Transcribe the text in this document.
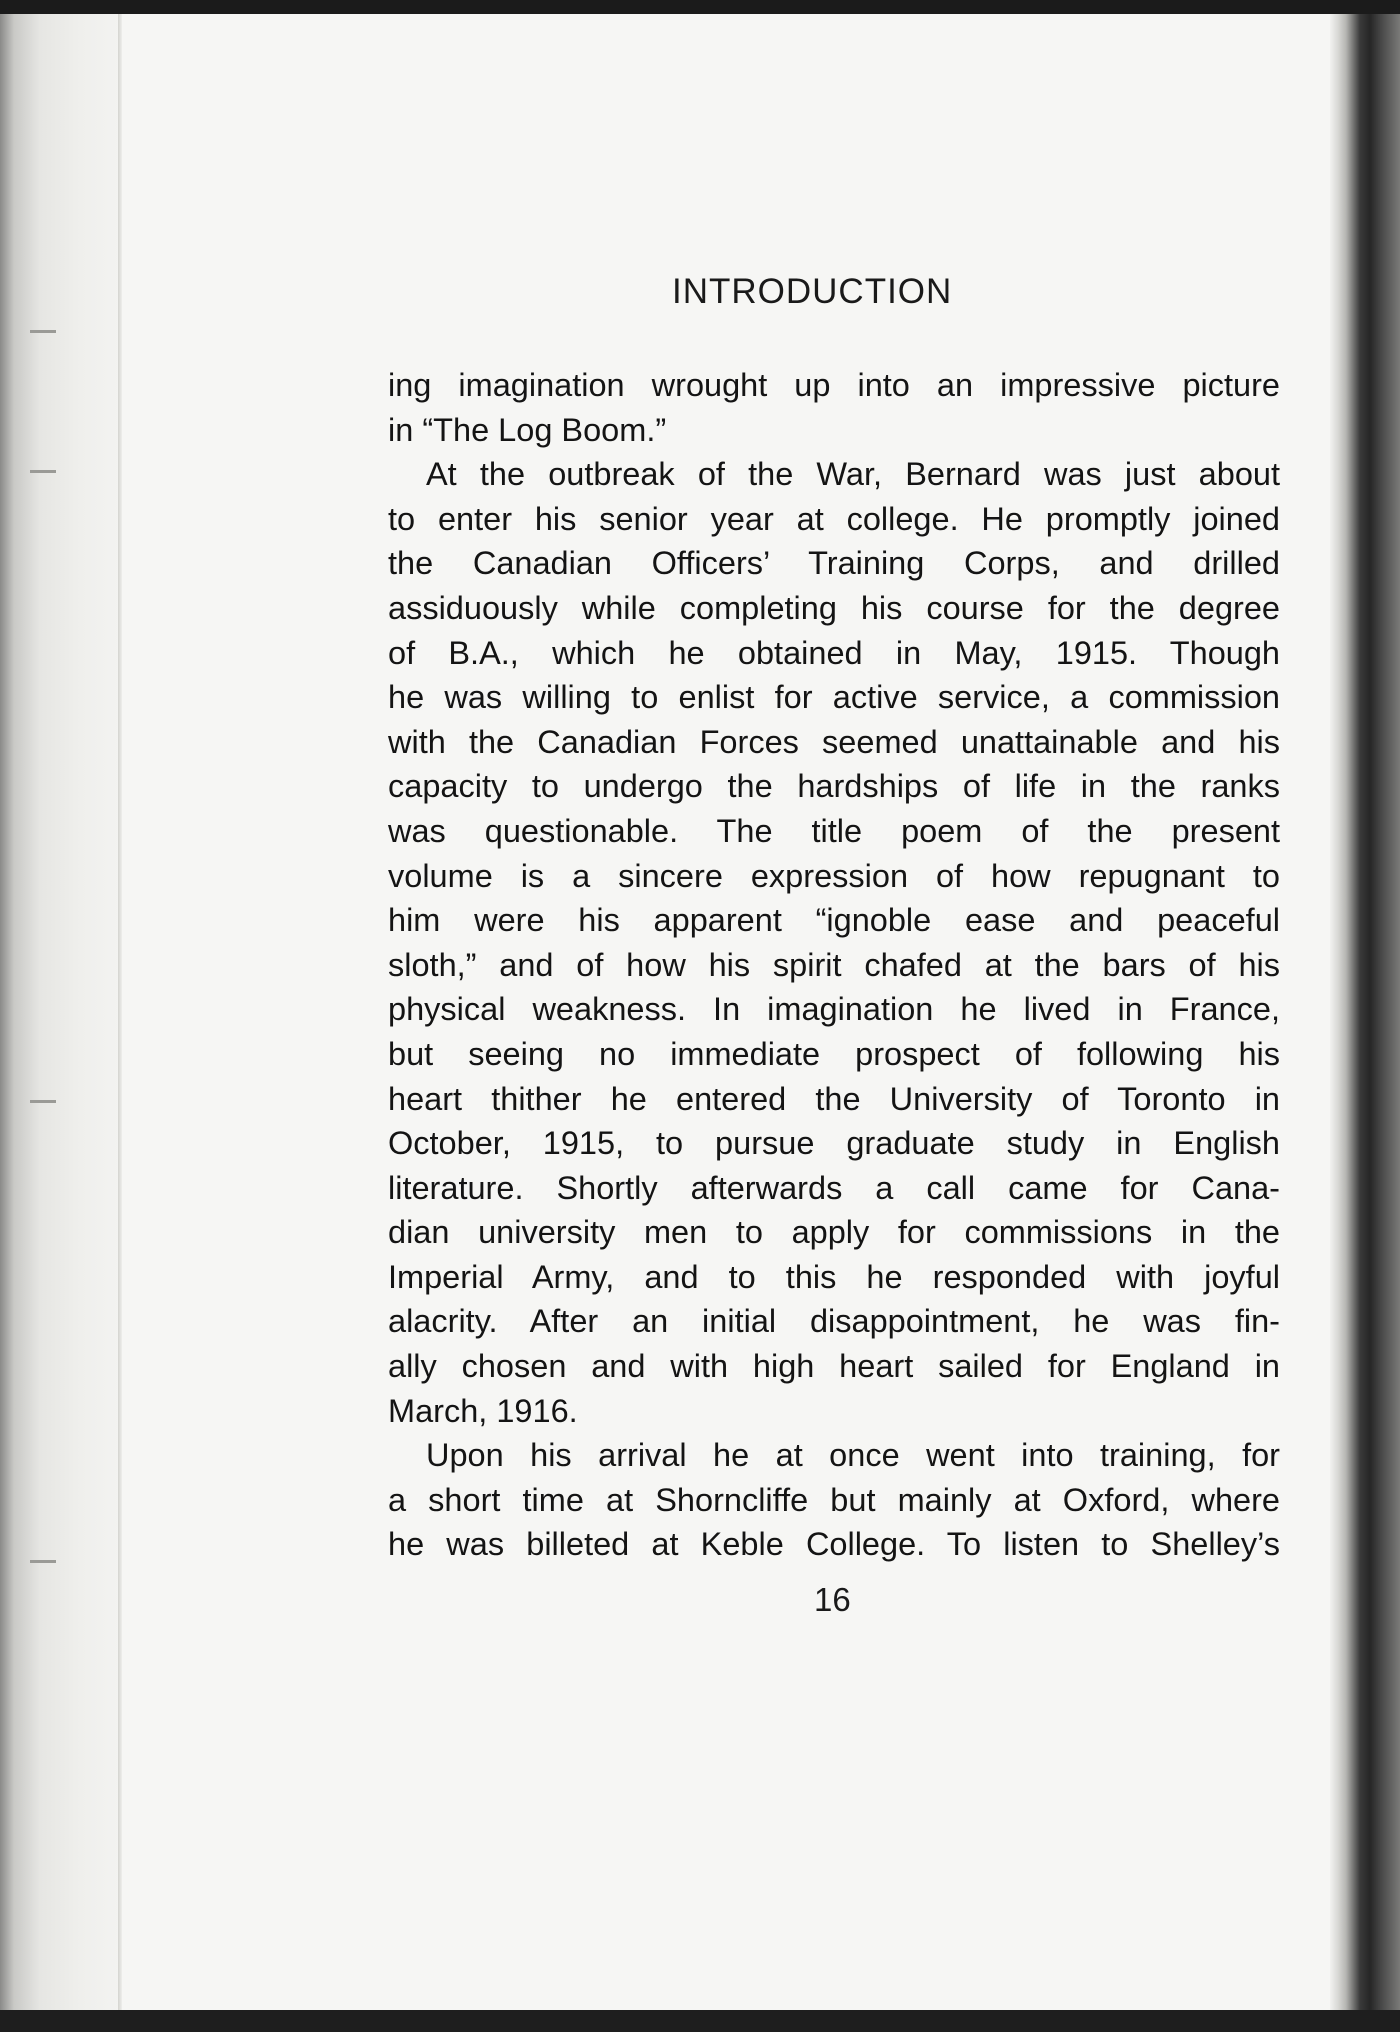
INTRODUCTION
ing imagination wrought up into an impressive picture
in “The Log Boom.”
At the outbreak of the War, Bernard was just about
to enter his senior year at college. He promptly joined
the Canadian Officers’ Training Corps, and drilled
assiduously while completing his course for the degree
of B.A., which he obtained in May, 1915. Though
he was willing to enlist for active service, a commission
with the Canadian Forces seemed unattainable and his
capacity to undergo the hardships of life in the ranks
was questionable. The title poem of the present
volume is a sincere expression of how repugnant to
him were his apparent “ignoble ease and peaceful
sloth,” and of how his spirit chafed at the bars of his
physical weakness. In imagination he lived in France,
but seeing no immediate prospect of following his
heart thither he entered the University of Toronto in
October, 1915, to pursue graduate study in English
literature. Shortly afterwards a call came for Cana-
dian university men to apply for commissions in the
Imperial Army, and to this he responded with joyful
alacrity. After an initial disappointment, he was fin-
ally chosen and with high heart sailed for England in
March, 1916.
Upon his arrival he at once went into training, for
a short time at Shorncliffe but mainly at Oxford, where
he was billeted at Keble College. To listen to Shelley’s
16
